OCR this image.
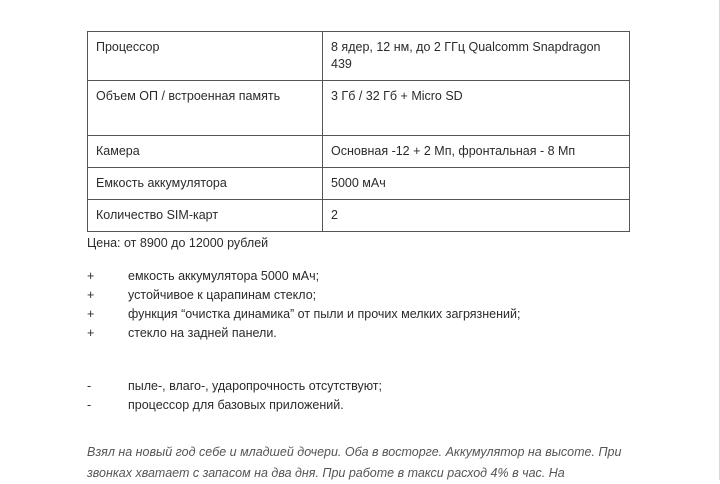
Процессор	8 ядер, 12 нм, до 2 ГГц Qualcomm Snapdragon 439
Объем ОП / встроенная память	3 Гб / 32 Гб + Micro SD
Камера	Основная -12 + 2 Мп, фронтальная - 8 Мп
Емкость аккумулятора	5000 мАч
Количество SIM-карт	2
Цена: от 8900 до 12000 рублей
+	емкость аккумулятора 5000 мАч;
+	устойчивое к царапинам стекло;
+	функция “очистка динамика” от пыли и прочих мелких загрязнений;
+	стекло на задней панели.
-	пыле-, влаго-, ударопрочность отсутствуют;
-	процессор для базовых приложений.
Взял на новый год себе и младшей дочери. Оба в восторге. Аккумулятор на высоте. При звонках хватает с запасом на два дня. При работе в такси расход 4% в час. На
